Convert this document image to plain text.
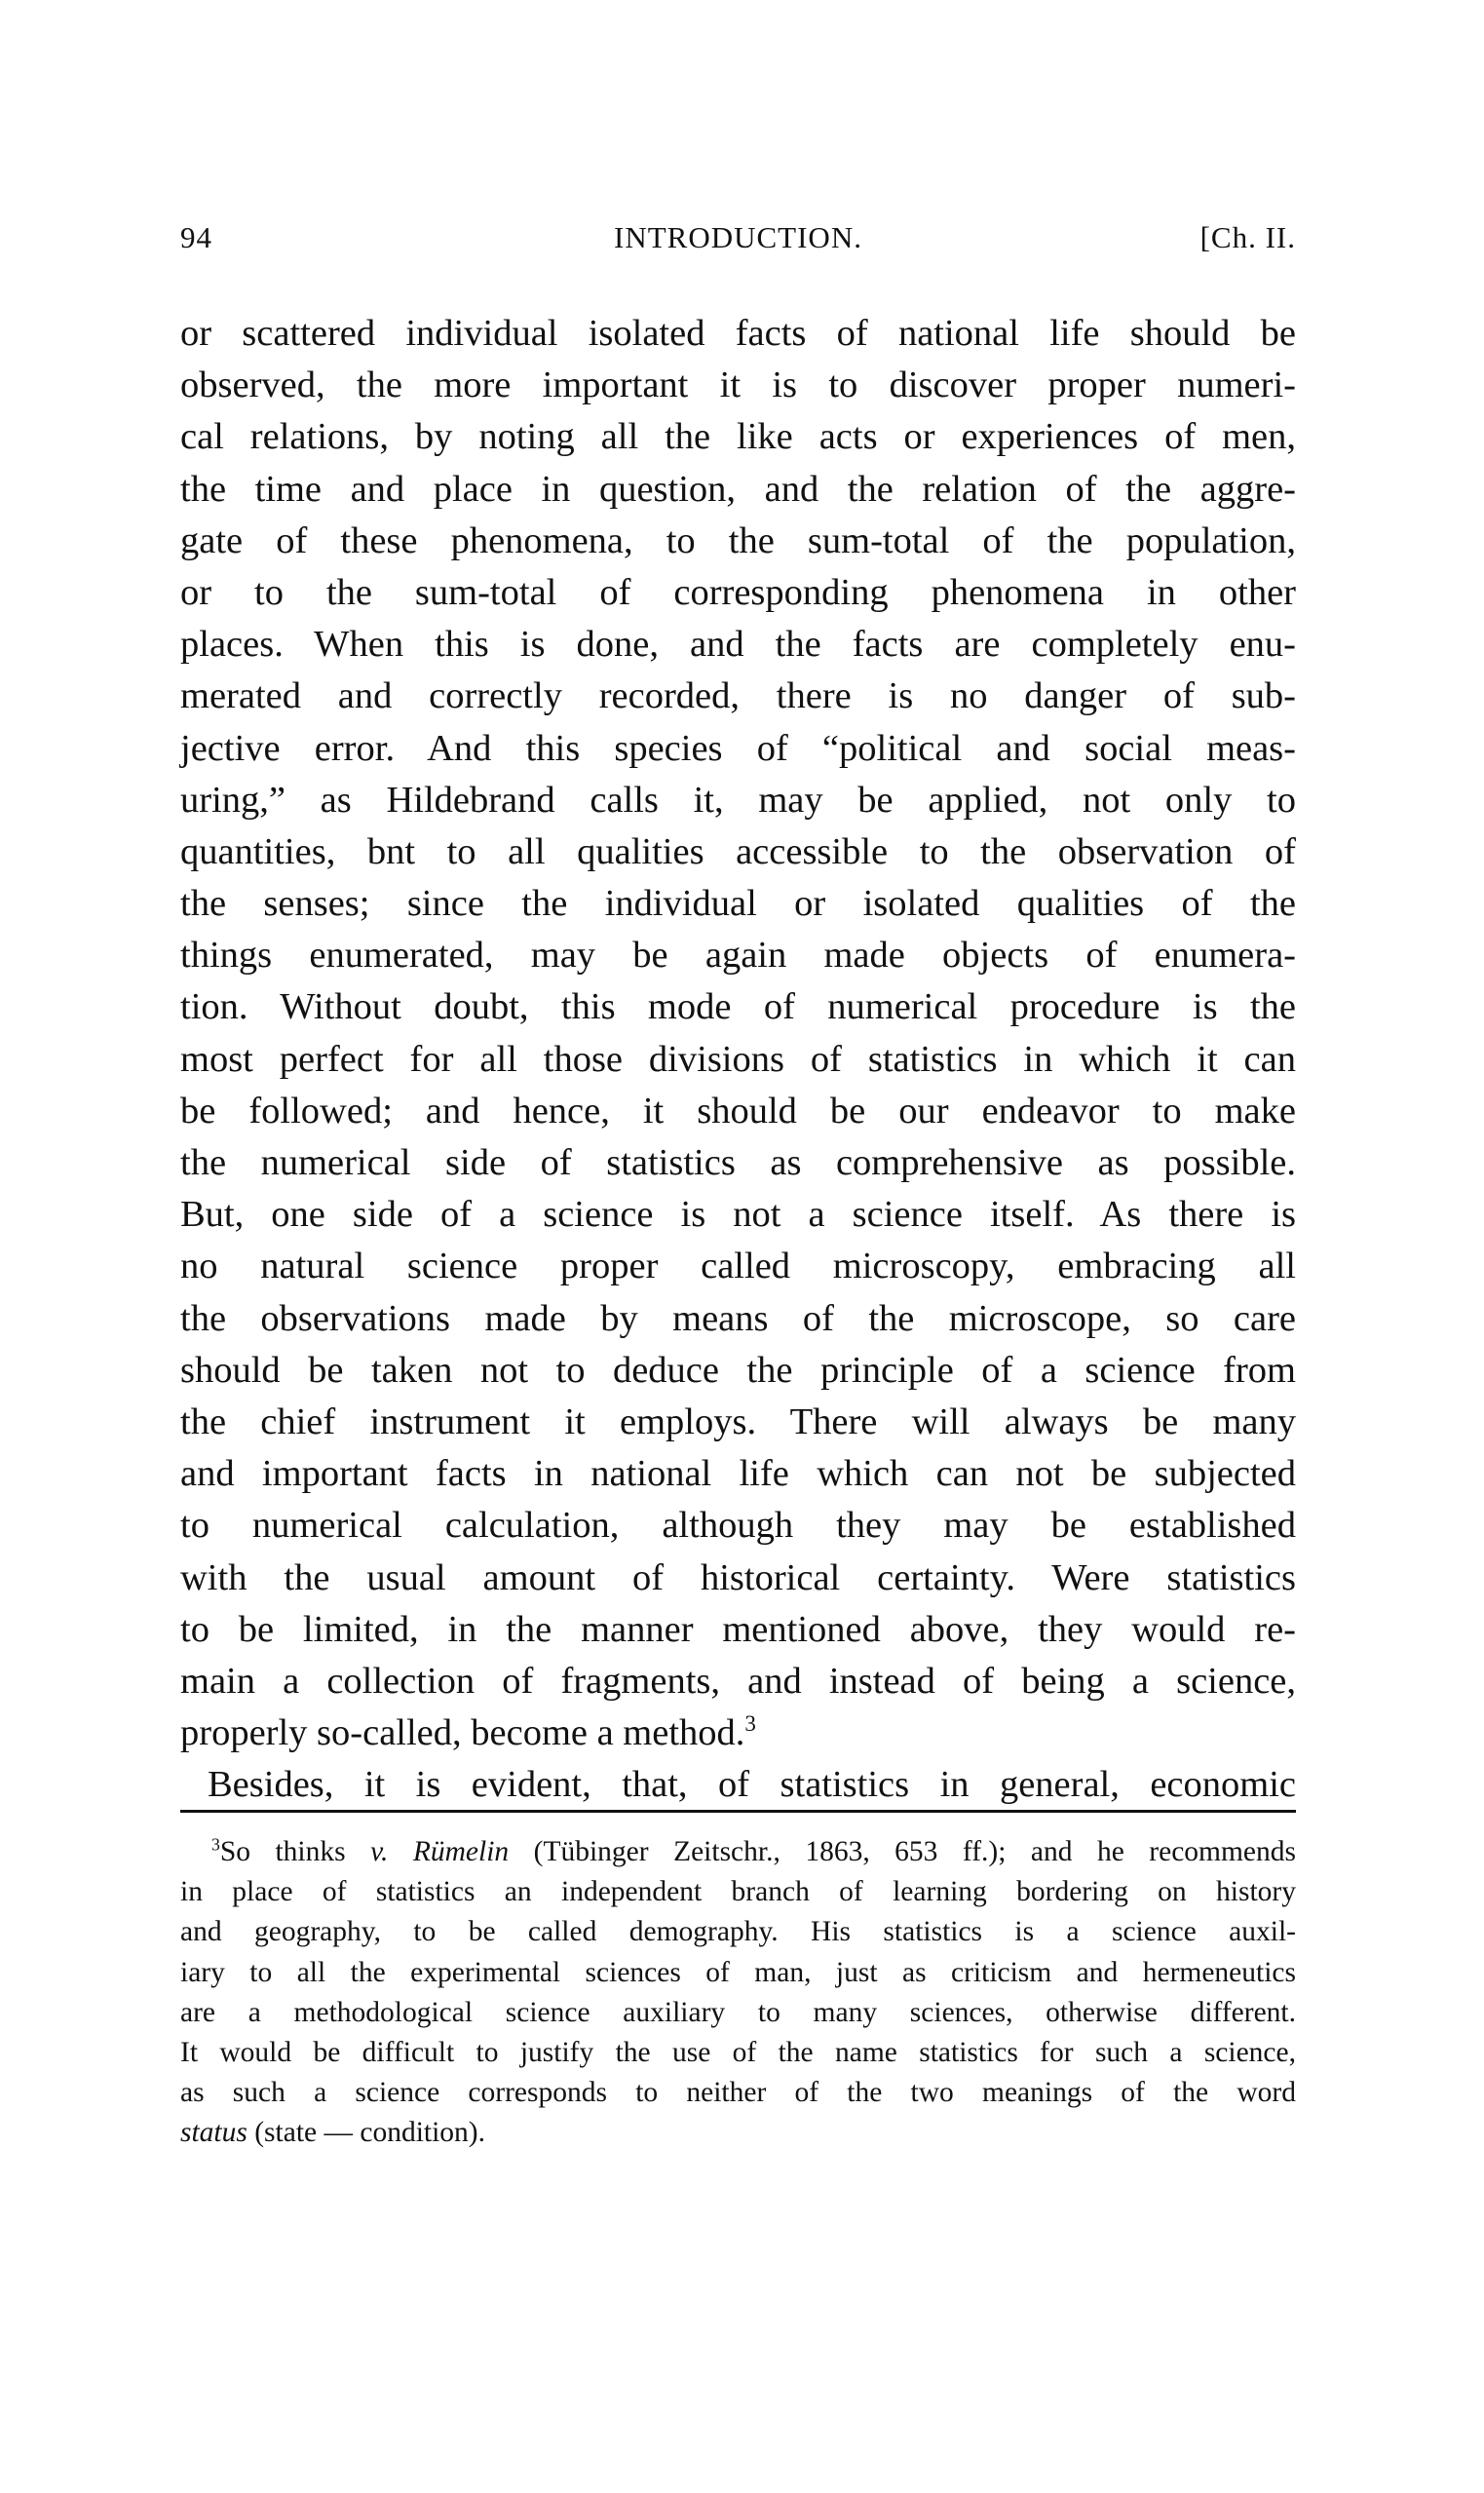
94	INTRODUCTION.	[Ch. II.
or scattered individual isolated facts of national life should be
observed, the more important it is to discover proper numeri-
cal relations, by noting all the like acts or experiences of men,
the time and place in question, and the relation of the aggre-
gate of these phenomena, to the sum-total of the population,
or to the sum-total of corresponding phenomena in other
places. When this is done, and the facts are completely enu-
merated and correctly recorded, there is no danger of sub-
jective error. And this species of “political and social meas-
uring,” as Hildebrand calls it, may be applied, not only to
quantities, bnt to all qualities accessible to the observation of
the senses; since the individual or isolated qualities of the
things enumerated, may be again made objects of enumera-
tion. Without doubt, this mode of numerical procedure is the
most perfect for all those divisions of statistics in which it can
be followed; and hence, it should be our endeavor to make
the numerical side of statistics as comprehensive as possible.
But, one side of a science is not a science itself. As there is
no natural science proper called microscopy, embracing all
the observations made by means of the microscope, so care
should be taken not to deduce the principle of a science from
the chief instrument it employs. There will always be many
and important facts in national life which can not be subjected
to numerical calculation, although they may be established
with the usual amount of historical certainty. Were statistics
to be limited, in the manner mentioned above, they would re-
main a collection of fragments, and instead of being a science,
properly so-called, become a method.$^3$
Besides, it is evident, that, of statistics in general, economic
$^3$So thinks v. Rümelin (Tübinger Zeitschr., 1863, 653 ff.); and he recommends
in place of statistics an independent branch of learning bordering on history
and geography, to be called demography. His statistics is a science auxil-
iary to all the experimental sciences of man, just as criticism and hermeneutics
are a methodological science auxiliary to many sciences, otherwise different.
It would be difficult to justify the use of the name statistics for such a science,
as such a science corresponds to neither of the two meanings of the word
status (state — condition).
